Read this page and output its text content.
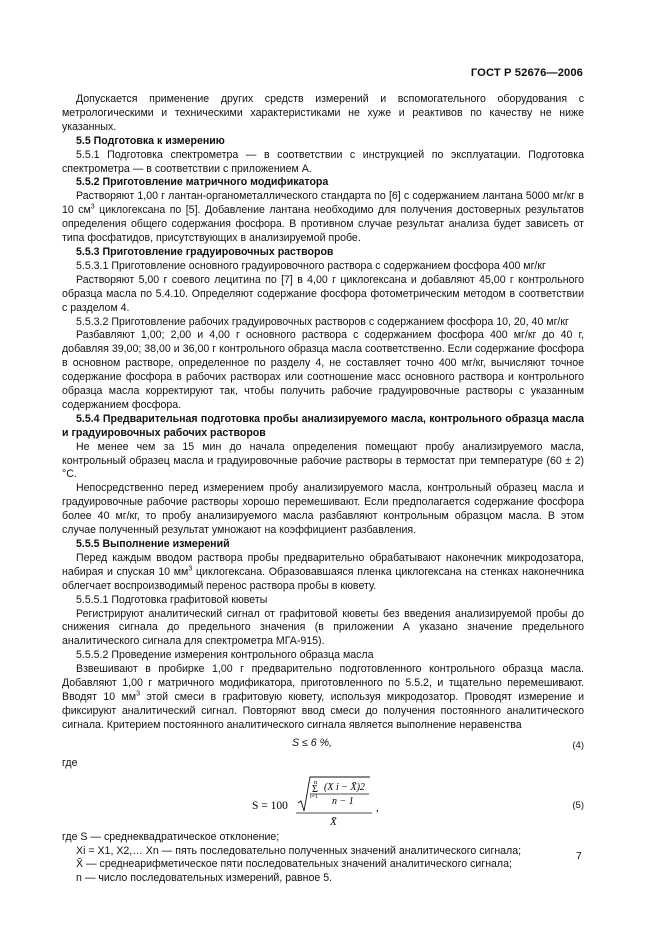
ГОСТ Р 52676—2006

Допускается применение других средств измерений и вспомогательного оборудования с метрологическими и техническими характеристиками не хуже и реактивов по качеству не ниже указанных.

5.5 Подготовка к измерению

5.5.1 Подготовка спектрометра — в соответствии с инструкцией по эксплуатации. Подготовка спектрометра — в соответствии с приложением А.

5.5.2 Приготовление матричного модификатора

Растворяют 1,00 г лантан-органометаллического стандарта по [6] с содержанием лантана 5000 мг/кг в 10 $см^3$ циклогексана по [5]. Добавление лантана необходимо для получения достоверных результатов определения общего содержания фосфора. В противном случае результат анализа будет зависеть от типа фосфатидов, присутствующих в анализируемой пробе.

5.5.3 Приготовление градуировочных растворов

5.5.3.1 Приготовление основного градуировочного раствора с содержанием фосфора 400 мг/кг

Растворяют 5,00 г соевого лецитина по [7] в 4,00 г циклогексана и добавляют 45,00 г контрольного образца масла по 5.4.10. Определяют содержание фосфора фотометрическим методом в соответствии с разделом 4.

5.5.3.2 Приготовление рабочих градуировочных растворов с содержанием фосфора 10, 20, 40 мг/кг

Разбавляют 1,00; 2,00 и 4,00 г основного раствора с содержанием фосфора 400 мг/кг до 40 г, добавляя 39,00; 38,00 и 36,00 г контрольного образца масла соответственно. Если содержание фосфора в основном растворе, определенное по разделу 4, не составляет точно 400 мг/кг, вычисляют точное содержание фосфора в рабочих растворах или соотношение масс основного раствора и контрольного образца масла корректируют так, чтобы получить рабочие градуировочные растворы с указанным содержанием фосфора.

5.5.4 Предварительная подготовка пробы анализируемого масла, контрольного образца масла и градуировочных рабочих растворов

Не менее чем за 15 мин до начала определения помещают пробу анализируемого масла, контрольный образец масла и градуировочные рабочие растворы в термостат при температуре (60 ± 2) °С.

Непосредственно перед измерением пробу анализируемого масла, контрольный образец масла и градуировочные рабочие растворы хорошо перемешивают. Если предполагается содержание фосфора более 40 мг/кг, то пробу анализируемого масла разбавляют контрольным образцом масла. В этом случае полученный результат умножают на коэффициент разбавления.

5.5.5 Выполнение измерений

Перед каждым вводом раствора пробы предварительно обрабатывают наконечник микродозатора, набирая и спуская 10 $мм^3$ циклогексана. Образовавшаяся пленка циклогексана на стенках наконечника облегчает воспроизводимый перенос раствора пробы в кювету.

5.5.5.1 Подготовка графитовой кюветы

Регистрируют аналитический сигнал от графитовой кюветы без введения анализируемой пробы до снижения сигнала до предельного значения (в приложении А указано значение предельного аналитического сигнала для спектрометра МГА-915).

5.5.5.2 Проведение измерения контрольного образца масла

Взвешивают в пробирке 1,00 г предварительно подготовленного контрольного образца масла. Добавляют 1,00 г матричного модификатора, приготовленного по 5.5.2, и тщательно перемешивают. Вводят 10 $мм^3$ этой смеси в графитовую кювету, используя микродозатор. Проводят измерение и фиксируют аналитический сигнал. Повторяют ввод смеси до получения постоянного аналитического сигнала. Критерием постоянного аналитического сигнала является выполнение неравенства

S ≤ 6 %,	(4)

где

S = 100
n
Σ
i=1
(X i − X̄)2
n − 1
X̄
,	(5)

где S — среднеквадратическое отклонение;

Xi = X1, X2,… Xn — пять последовательно полученных значений аналитического сигнала;

X̄ — среднеарифметическое пяти последовательных значений аналитического сигнала;

n — число последовательных измерений, равное 5.

7
